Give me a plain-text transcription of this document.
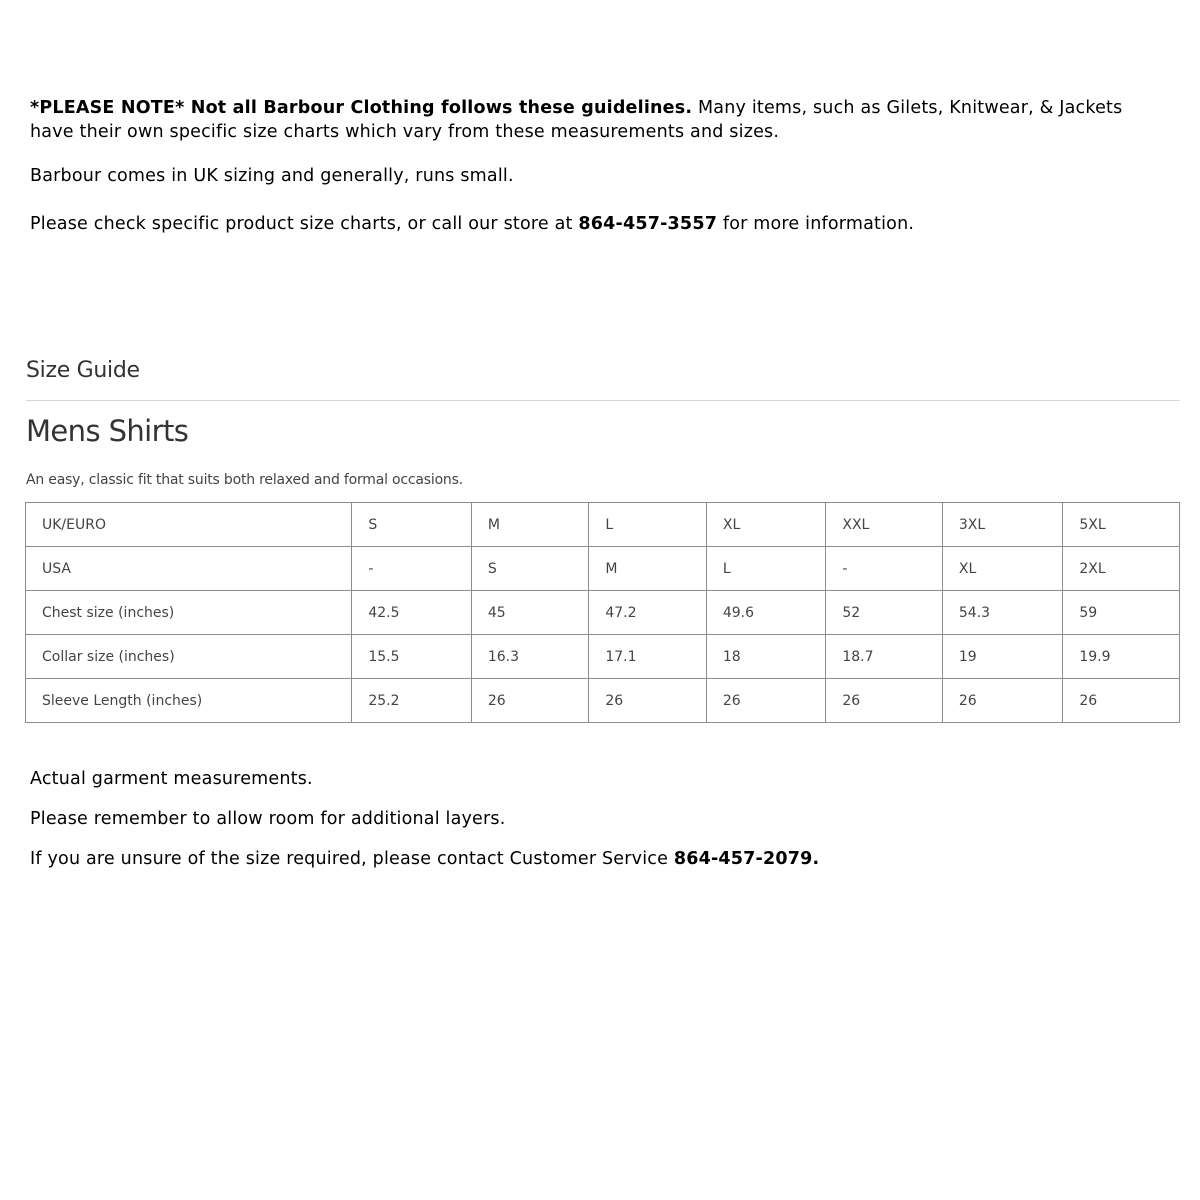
*PLEASE NOTE* Not all Barbour Clothing follows these guidelines. Many items, such as Gilets, Knitwear, & Jackets have their own specific size charts which vary from these measurements and sizes.

Barbour comes in UK sizing and generally, runs small.

Please check specific product size charts, or call our store at 864-457-3557 for more information.

Size Guide
Mens Shirts
An easy, classic fit that suits both relaxed and formal occasions.
UK/EURO	S	M	L	XL	XXL	3XL	5XL
USA	-	S	M	L	-	XL	2XL
Chest size (inches)	42.5	45	47.2	49.6	52	54.3	59
Collar size (inches)	15.5	16.3	17.1	18	18.7	19	19.9
Sleeve Length (inches)	25.2	26	26	26	26	26	26

Actual garment measurements.

Please remember to allow room for additional layers.

If you are unsure of the size required, please contact Customer Service 864-457-2079.
